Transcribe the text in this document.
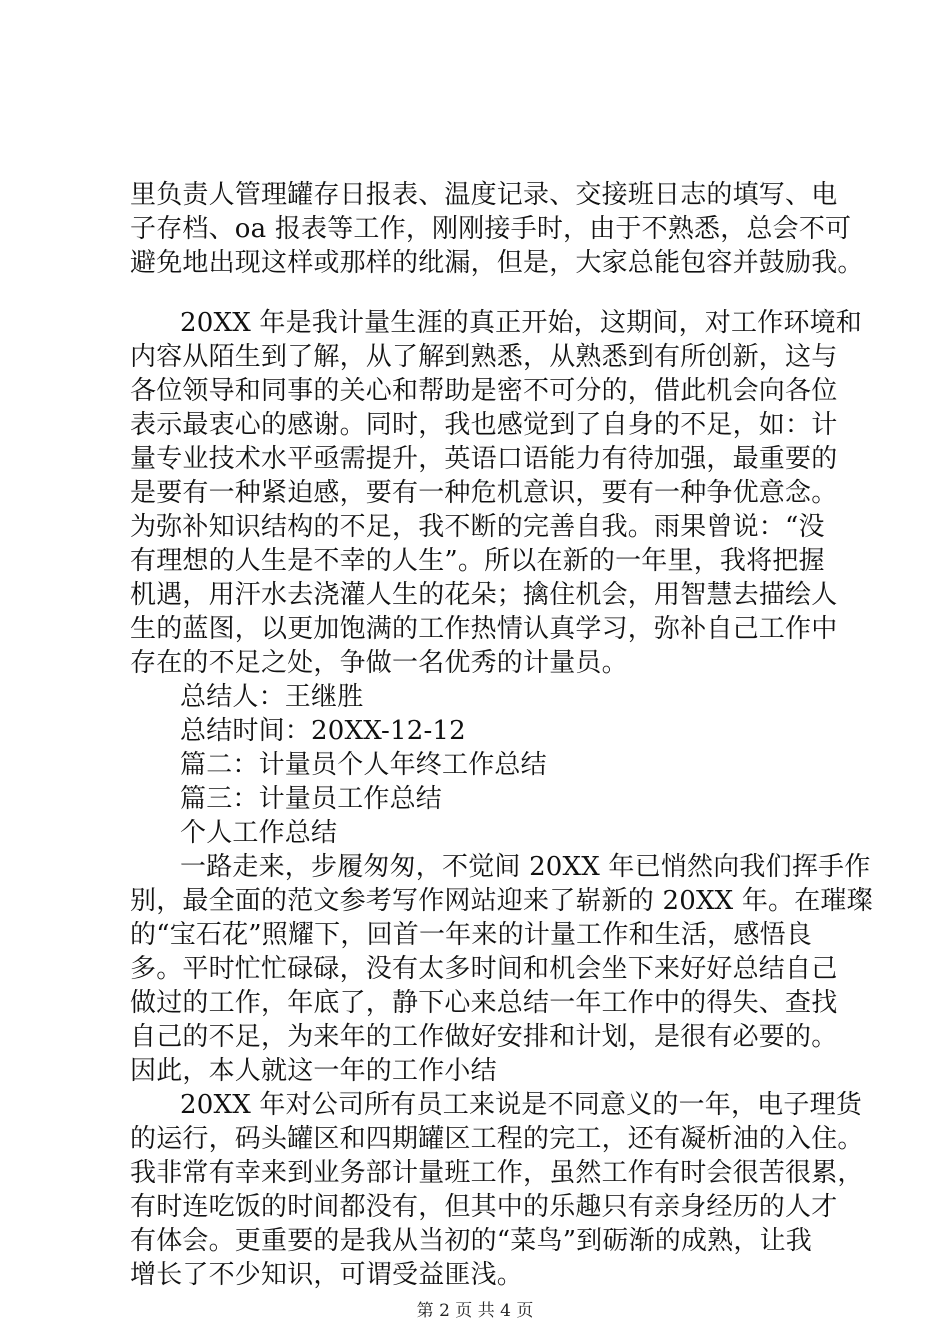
里负责人管理罐存日报表、温度记录、交接班日志的填写、电
子存档、oa 报表等工作，刚刚接手时，由于不熟悉，总会不可
避免地出现这样或那样的纰漏，但是，大家总能包容并鼓励我。
20XX 年是我计量生涯的真正开始，这期间，对工作环境和
内容从陌生到了解，从了解到熟悉，从熟悉到有所创新，这与
各位领导和同事的关心和帮助是密不可分的，借此机会向各位
表示最衷心的感谢。同时，我也感觉到了自身的不足，如：计
量专业技术水平亟需提升，英语口语能力有待加强，最重要的
是要有一种紧迫感，要有一种危机意识，要有一种争优意念。
为弥补知识结构的不足，我不断的完善自我。雨果曾说：“没
有理想的人生是不幸的人生”。所以在新的一年里，我将把握
机遇，用汗水去浇灌人生的花朵；擒住机会，用智慧去描绘人
生的蓝图，以更加饱满的工作热情认真学习，弥补自己工作中
存在的不足之处，争做一名优秀的计量员。
总结人：王继胜
总结时间：20XX-12-12
篇二：计量员个人年终工作总结
篇三：计量员工作总结
个人工作总结
一路走来，步履匆匆，不觉间 20XX 年已悄然向我们挥手作
别，最全面的范文参考写作网站迎来了崭新的 20XX 年。在璀璨
的“宝石花”照耀下，回首一年来的计量工作和生活，感悟良
多。平时忙忙碌碌，没有太多时间和机会坐下来好好总结自己
做过的工作，年底了，静下心来总结一年工作中的得失、查找
自己的不足，为来年的工作做好安排和计划，是很有必要的。
因此，本人就这一年的工作小结
20XX 年对公司所有员工来说是不同意义的一年，电子理货
的运行，码头罐区和四期罐区工程的完工，还有凝析油的入住。
我非常有幸来到业务部计量班工作，虽然工作有时会很苦很累，
有时连吃饭的时间都没有，但其中的乐趣只有亲身经历的人才
有体会。更重要的是我从当初的“菜鸟”到砺渐的成熟，让我
增长了不少知识，可谓受益匪浅。
第 2 页 共 4 页
